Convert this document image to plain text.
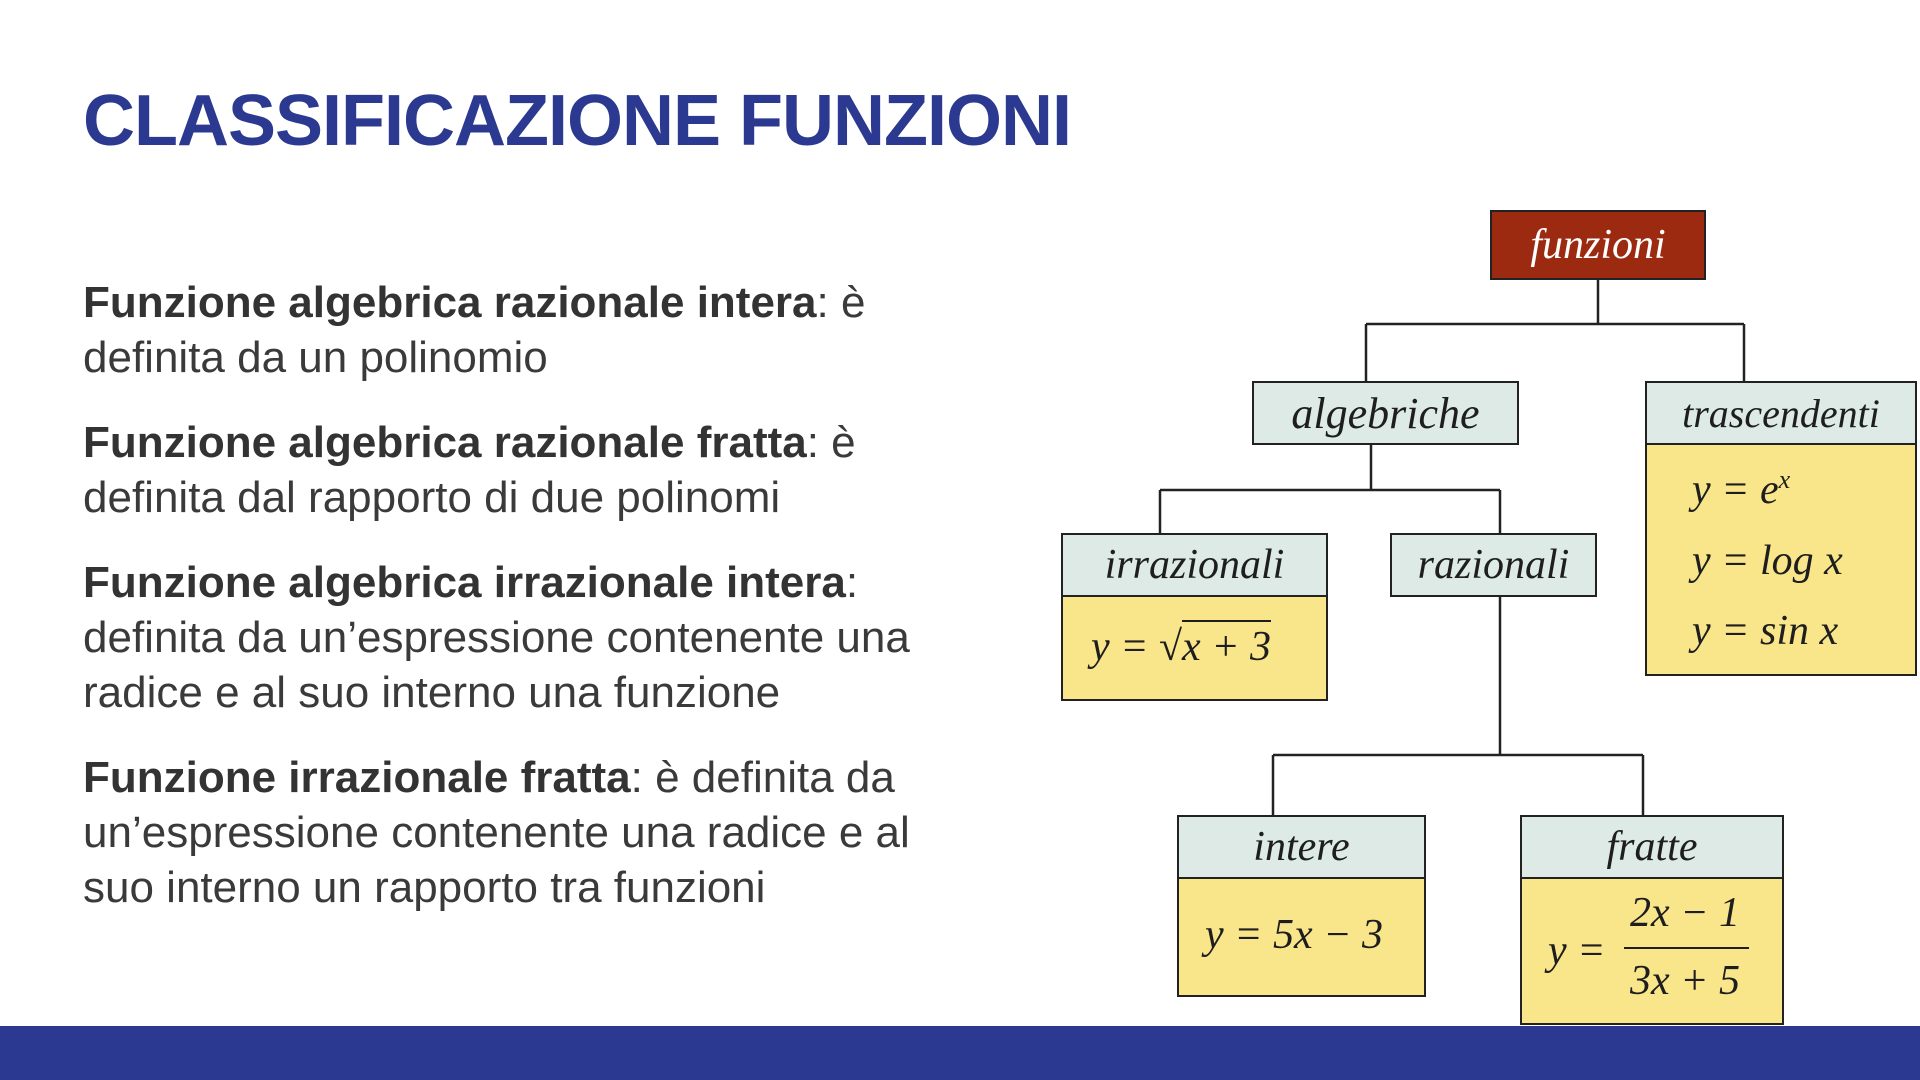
CLASSIFICAZIONE FUNZIONI

Funzione algebrica razionale intera: è definita da un polinomio

Funzione algebrica razionale fratta: è definita dal rapporto di due polinomi

Funzione algebrica irrazionale intera: definita da un’espressione contenente una radice e al suo interno una funzione

Funzione irrazionale fratta: è definita da un’espressione contenente una radice e al suo interno un rapporto tra funzioni

funzioni
algebriche	trascendenti
$y = e^x$
y = log x
y = sin x
irrazionali
y = √x + 3
razionali
intere
y = 5x − 3
fratte
y =
2x − 1
3x + 5
